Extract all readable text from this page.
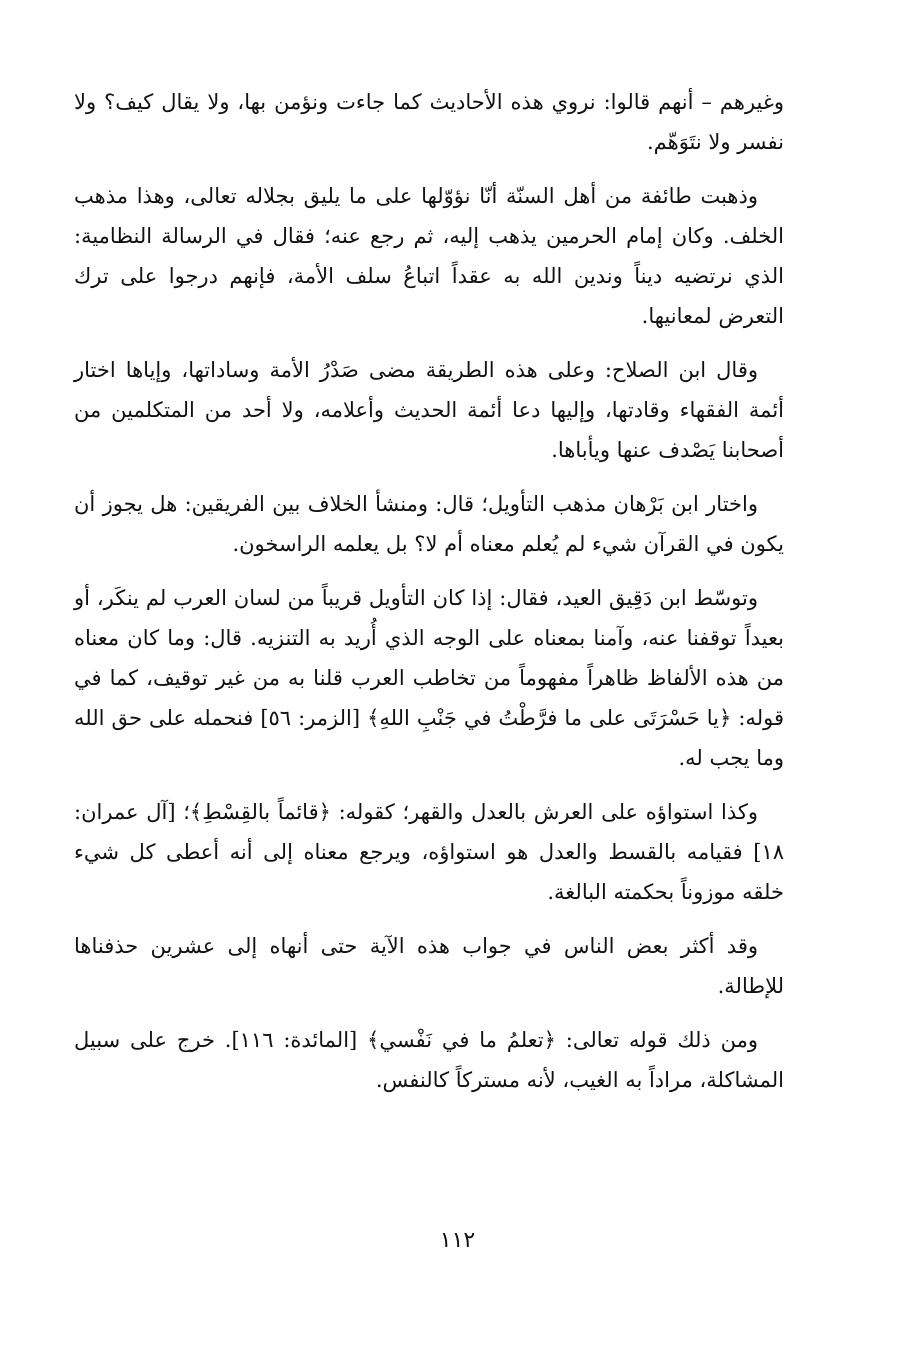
وغيرهم – أنهم قالوا: نروي هذه الأحاديث كما جاءت ونؤمن بها، ولا يقال كيف؟ ولا نفسر ولا نتَوَهّم.

وذهبت طائفة من أهل السنّة أنّا نؤوّلها على ما يليق بجلاله تعالى، وهذا مذهب الخلف. وكان إمام الحرمين يذهب إليه، ثم رجع عنه؛ فقال في الرسالة النظامية: الذي نرتضيه ديناً وندين الله به عقداً اتباعُ سلف الأمة، فإنهم درجوا على ترك التعرض لمعانيها.

وقال ابن الصلاح: وعلى هذه الطريقة مضى صَدْرُ الأمة وساداتها، وإياها اختار أئمة الفقهاء وقادتها، وإليها دعا أئمة الحديث وأعلامه، ولا أحد من المتكلمين من أصحابنا يَصْدف عنها ويأباها.

واختار ابن بَرْهان مذهب التأويل؛ قال: ومنشأ الخلاف بين الفريقين: هل يجوز أن يكون في القرآن شيء لم يُعلم معناه أم لا؟ بل يعلمه الراسخون.

وتوسّط ابن دَقِيق العيد، فقال: إذا كان التأويل قريباً من لسان العرب لم ينكَر، أو بعيداً توقفنا عنه، وآمنا بمعناه على الوجه الذي أُريد به التنزيه. قال: وما كان معناه من هذه الألفاظ ظاهراً مفهوماً من تخاطب العرب قلنا به من غير توقيف، كما في قوله: ﴿يا حَسْرَتَى على ما فرَّطْتُ في جَنْبِ اللهِ﴾ [الزمر: ٥٦] فنحمله على حق الله وما يجب له.

وكذا استواؤه على العرش بالعدل والقهر؛ كقوله: ﴿قائماً بالقِسْطِ﴾؛ [آل عمران: ١٨] فقيامه بالقسط والعدل هو استواؤه، ويرجع معناه إلى أنه أعطى كل شيء خلقه موزوناً بحكمته البالغة.

وقد أكثر بعض الناس في جواب هذه الآية حتى أنهاه إلى عشرين حذفناها للإطالة.

ومن ذلك قوله تعالى: ﴿تعلمُ ما في نَفْسي﴾ [المائدة: ١١٦]. خرج على سبيل المشاكلة، مراداً به الغيب، لأنه مستركاً كالنفس.

١١٢
